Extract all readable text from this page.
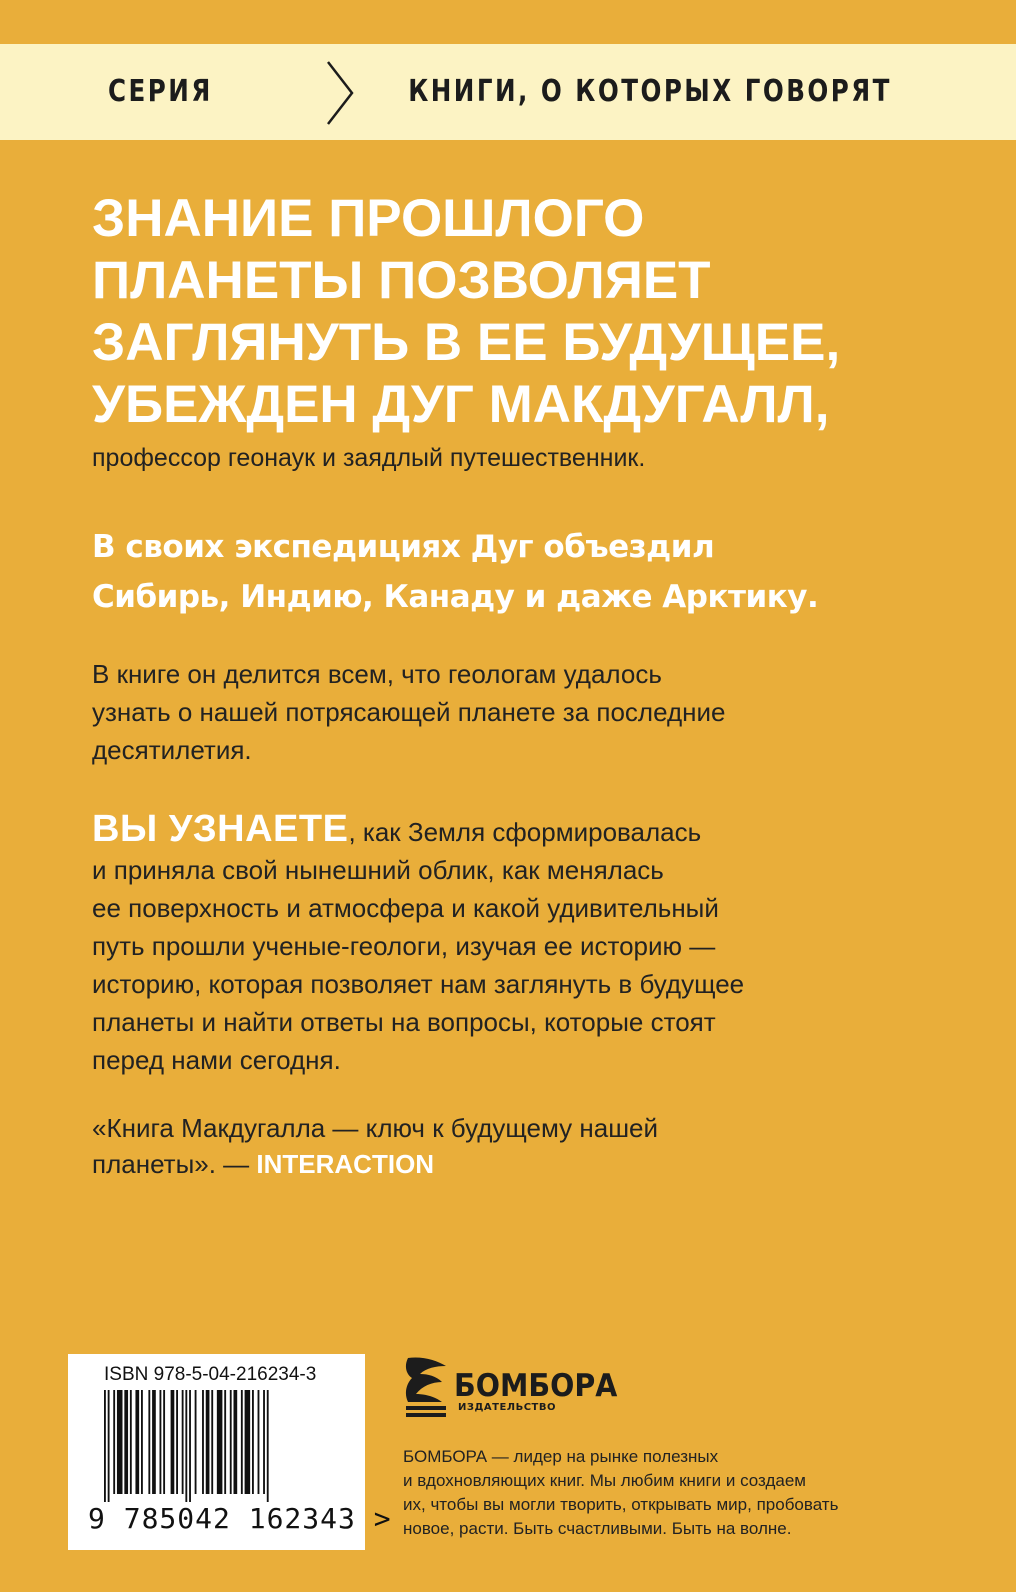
СЕРИЯ	КНИГИ, О КОТОРЫХ ГОВОРЯТ
ЗНАНИЕ ПРОШЛОГО
ПЛАНЕТЫ ПОЗВОЛЯЕТ
ЗАГЛЯНУТЬ В ЕЕ БУДУЩЕЕ,
УБЕЖДЕН ДУГ МАКДУГАЛЛ,
профессор геонаук и заядлый путешественник.
В своих экспедициях Дуг объездил
Сибирь, Индию, Канаду и даже Арктику.
В книге он делится всем, что геологам удалось
узнать о нашей потрясающей планете за последние
десятилетия.
ВЫ УЗНАЕТЕ, как Земля сформировалась
и приняла свой нынешний облик, как менялась
ее поверхность и атмосфера и какой удивительный
путь прошли ученые-геологи, изучая ее историю —
историю, которая позволяет нам заглянуть в будущее
планеты и найти ответы на вопросы, которые стоят
перед нами сегодня.
«Книга Макдугалла — ключ к будущему нашей
планеты». — INTERACTION
ISBN 978-5-04-216234-3
9 785042 162343 >
БОМБОРА
ИЗДАТЕЛЬСТВО
БОМБОРА — лидер на рынке полезных
и вдохновляющих книг. Мы любим книги и создаем
их, чтобы вы могли творить, открывать мир, пробовать
новое, расти. Быть счастливыми. Быть на волне.
